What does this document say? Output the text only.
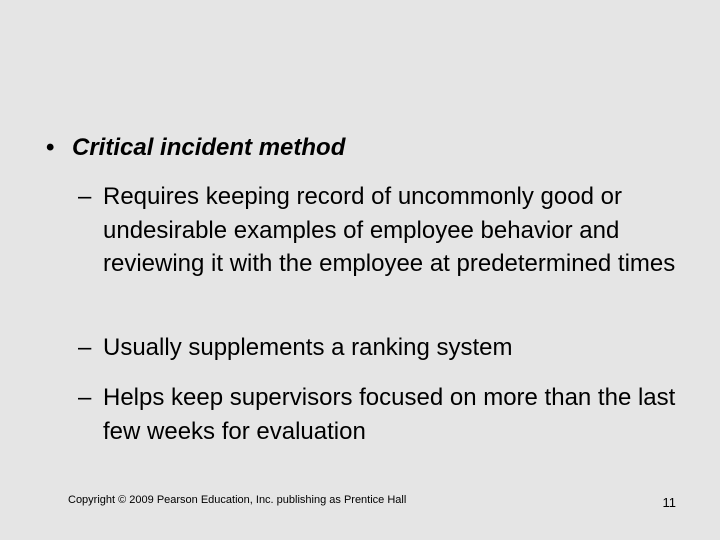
• Critical incident method
– Requires keeping record of uncommonly good or undesirable examples of employee behavior and reviewing it with the employee at predetermined times
– Usually supplements a ranking system
– Helps keep supervisors focused on more than the last few weeks for evaluation
Copyright © 2009 Pearson Education, Inc. publishing as Prentice Hall	11
